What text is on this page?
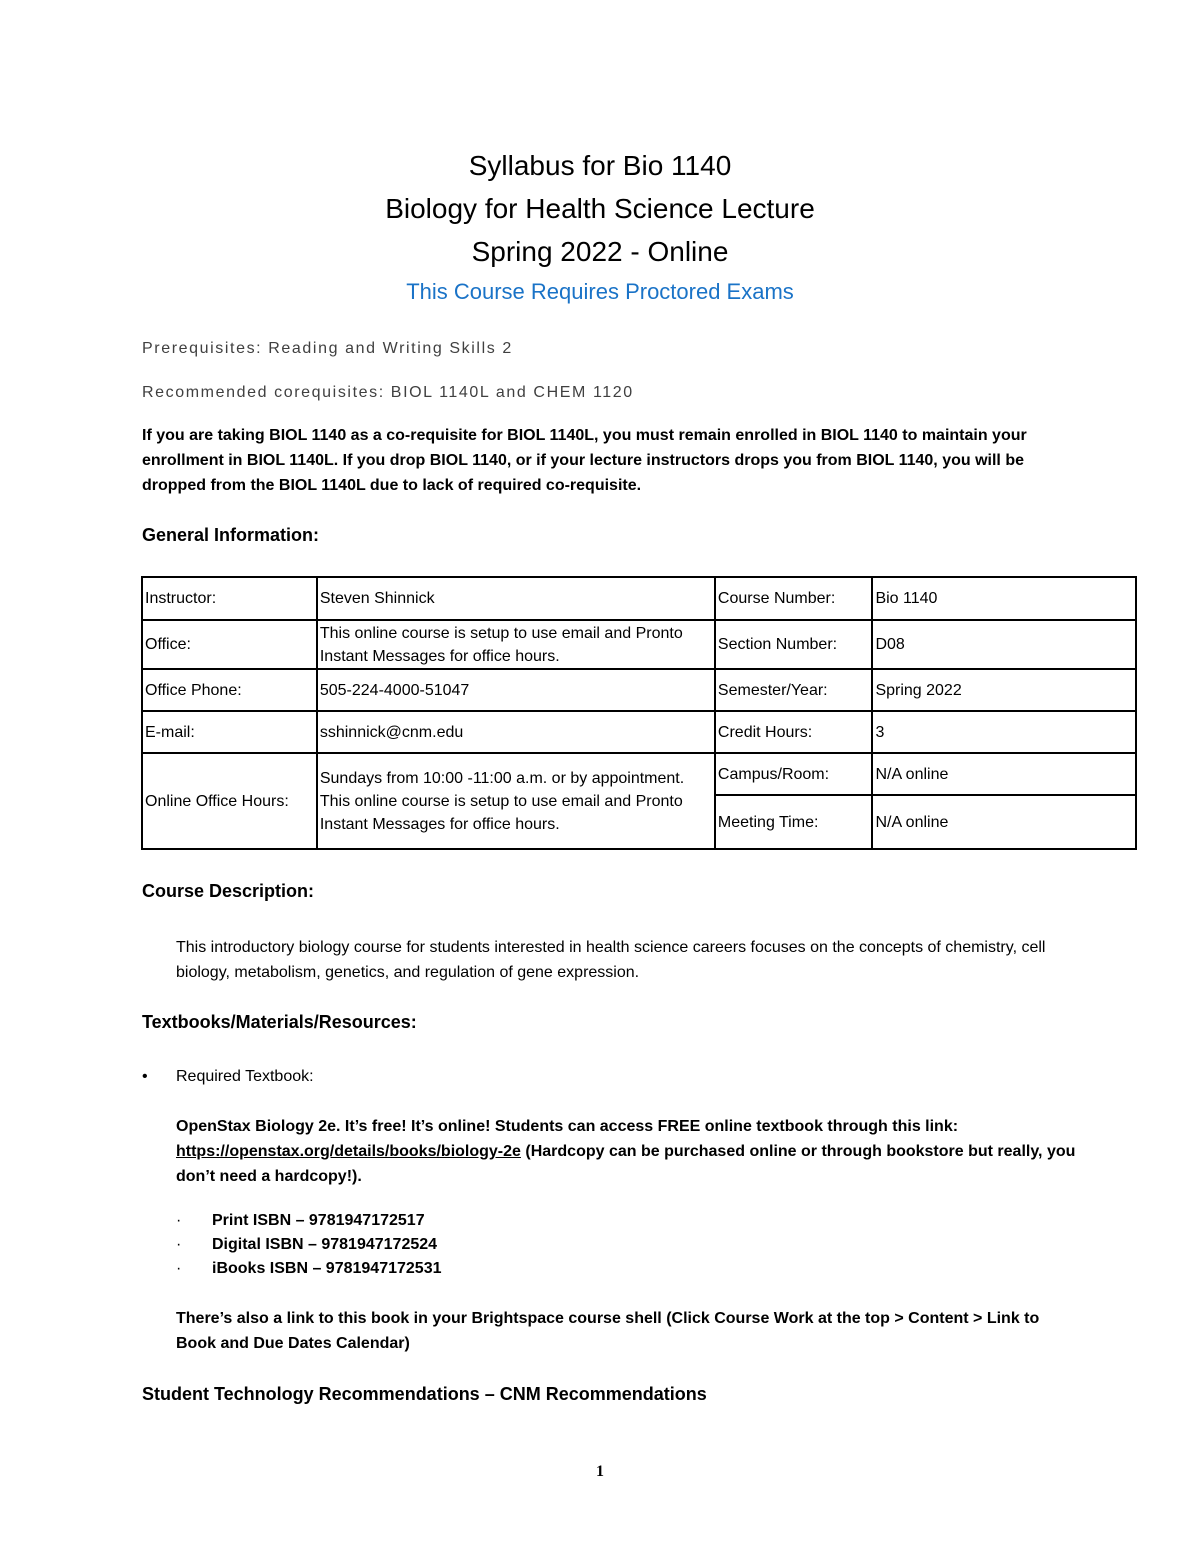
Syllabus for Bio 1140
Biology for Health Science Lecture
Spring 2022 - Online
This Course Requires Proctored Exams
Prerequisites: Reading and Writing Skills 2
Recommended corequisites: BIOL 1140L and CHEM 1120
If you are taking BIOL 1140 as a co-requisite for BIOL 1140L, you must remain enrolled in BIOL 1140 to maintain your enrollment in BIOL 1140L. If you drop BIOL 1140, or if your lecture instructors drops you from BIOL 1140, you will be dropped from the BIOL 1140L due to lack of required co-requisite.
General Information:
Instructor:	Steven Shinnick	Course Number:	Bio 1140
Office:	This online course is setup to use email and Pronto Instant Messages for office hours.	Section Number:	D08
Office Phone:	505-224-4000-51047	Semester/Year:	Spring 2022
E-mail:	sshinnick@cnm.edu	Credit Hours:	3
Online Office Hours:	Sundays from 10:00 -11:00 a.m. or by appointment. This online course is setup to use email and Pronto Instant Messages for office hours.	Campus/Room:	N/A online
		Meeting Time:	N/A online
Course Description:
This introductory biology course for students interested in health science careers focuses on the concepts of chemistry, cell biology, metabolism, genetics, and regulation of gene expression.
Textbooks/Materials/Resources:
• Required Textbook:
OpenStax Biology 2e. It’s free! It’s online! Students can access FREE online textbook through this link: https://openstax.org/details/books/biology-2e (Hardcopy can be purchased online or through bookstore but really, you don’t need a hardcopy!).
· Print ISBN – 9781947172517
· Digital ISBN – 9781947172524
· iBooks ISBN – 9781947172531
There’s also a link to this book in your Brightspace course shell (Click Course Work at the top > Content > Link to Book and Due Dates Calendar)
Student Technology Recommendations – CNM Recommendations
1
